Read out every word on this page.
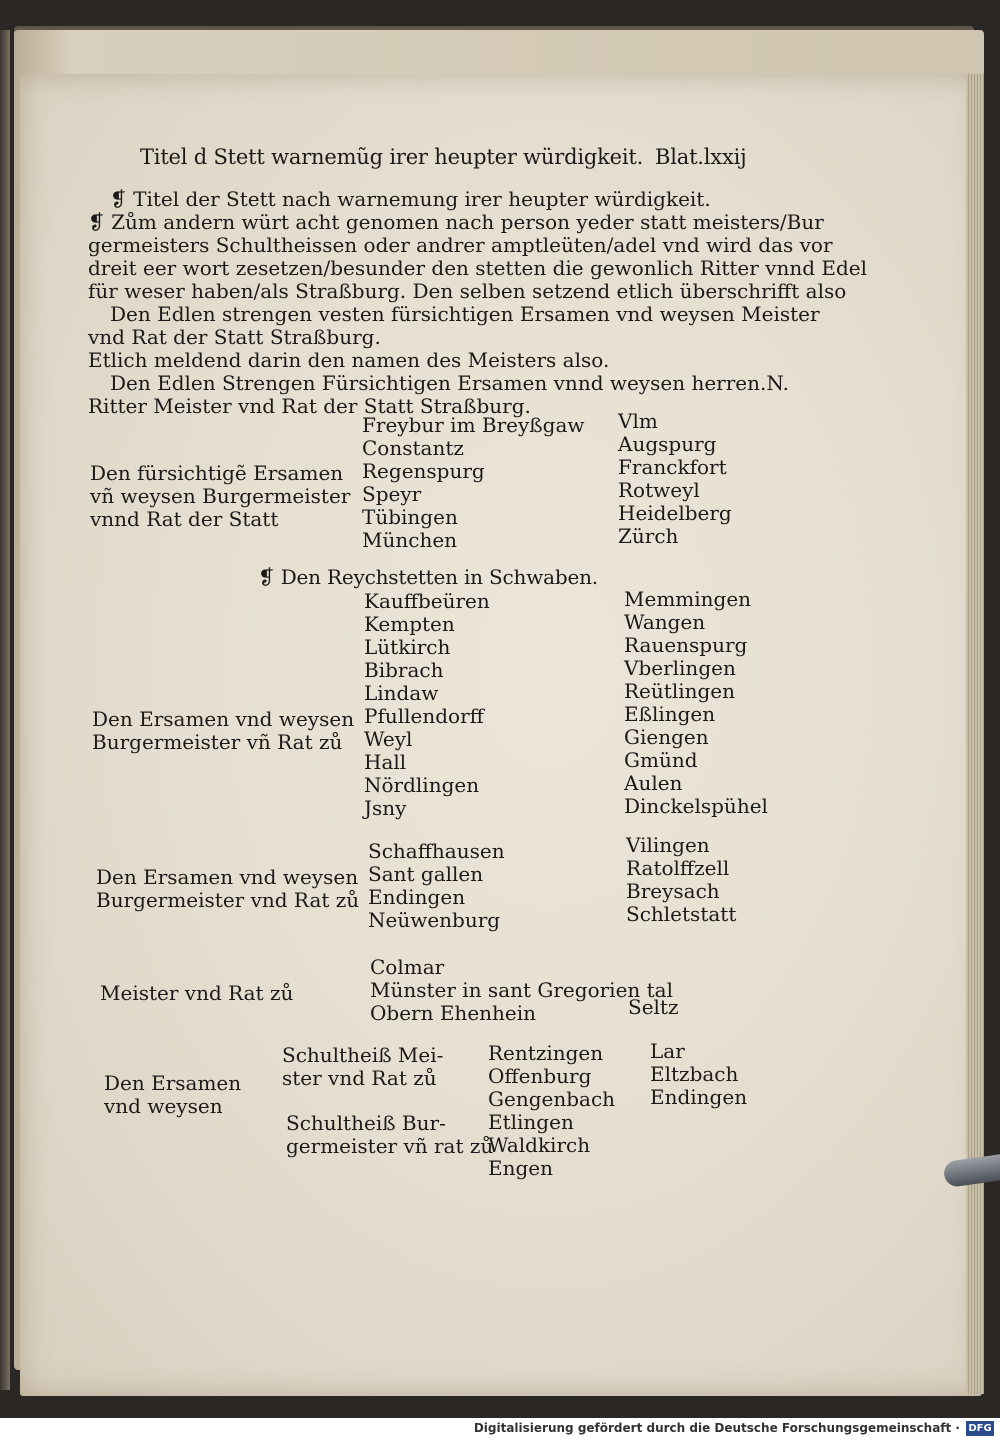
Titel d Stett warnemũg irer heupter würdigkeit. Blat.lxxij
❡ Titel der Stett nach warnemung irer heupter würdigkeit.
❡ Zům andern würt acht genomen nach person yeder statt meisters/Bur
germeisters Schultheissen oder andrer amptleüten/adel vnd wird das vor
dreit eer wort zesetzen/besunder den stetten die gewonlich Ritter vnnd Edel
für weser haben/als Straßburg. Den selben setzend etlich überschrifft also
Den Edlen strengen vesten fürsichtigen Ersamen vnd weysen Meister
vnd Rat der Statt Straßburg.
Etlich meldend darin den namen des Meisters also.
Den Edlen Strengen Fürsichtigen Ersamen vnnd weysen herren.N.
Ritter Meister vnd Rat der Statt Straßburg.
Den fürsichtigẽ Ersamen
vñ weysen Burgermeister
vnnd Rat der Statt
Freybur im Breyßgaw
Constantz
Regenspurg
Speyr
Tübingen
München
Vlm
Augspurg
Franckfort
Rotweyl
Heidelberg
Zürch
❡ Den Reychstetten in Schwaben.
Den Ersamen vnd weysen
Burgermeister vñ Rat zů
Kauffbeüren
Kempten
Lütkirch
Bibrach
Lindaw
Pfullendorff
Weyl
Hall
Nördlingen
Jsny
Memmingen
Wangen
Rauenspurg
Vberlingen
Reütlingen
Eßlingen
Giengen
Gmünd
Aulen
Dinckelspühel
Den Ersamen vnd weysen
Burgermeister vnd Rat zů
Schaffhausen
Sant gallen
Endingen
Neüwenburg
Vilingen
Ratolffzell
Breysach
Schletstatt
Meister vnd Rat zů
Colmar
Münster in sant Gregorien tal
Obern Ehenhein	Seltz
Den Ersamen
vnd weysen
Schultheiß Mei-
ster vnd Rat zů
Schultheiß Bur-
germeister vñ rat zů
Rentzingen
Offenburg
Gengenbach
Etlingen
Waldkirch
Engen
Lar
Eltzbach
Endingen
Digitalisierung gefördert durch die Deutsche Forschungsgemeinschaft · DFG
